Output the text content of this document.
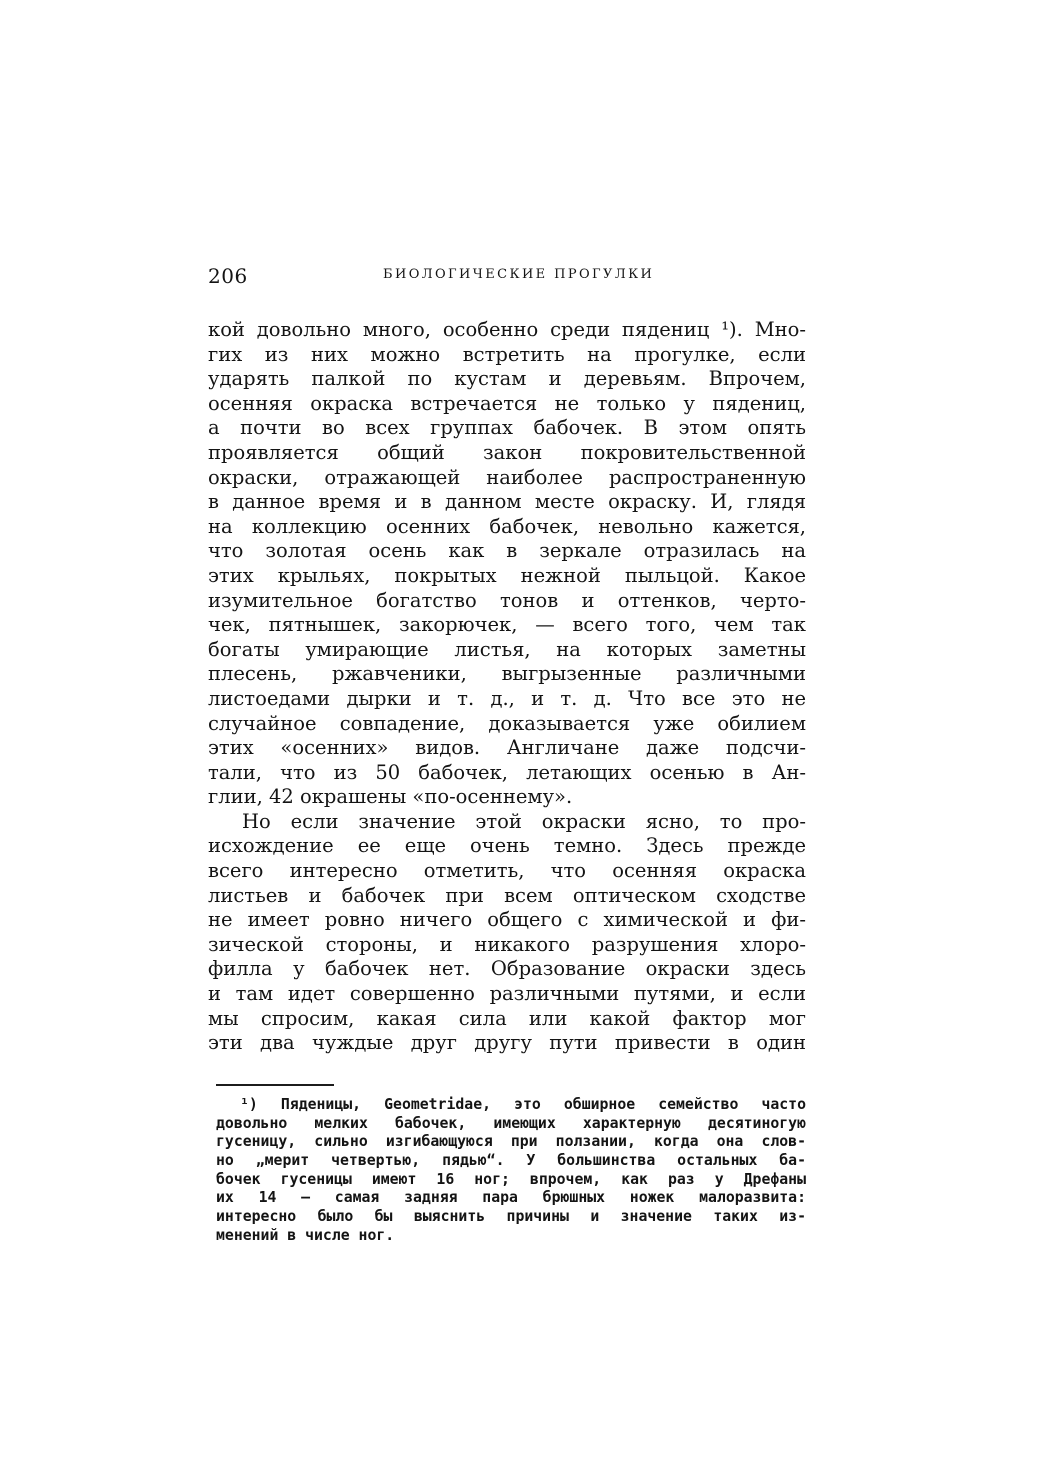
206	БИОЛОГИЧЕСКИЕ ПРОГУЛКИ
кой довольно много, особенно среди пядениц ¹). Мно-
гих из них можно встретить на прогулке, если
ударять палкой по кустам и деревьям. Впрочем,
осенняя окраска встречается не только у пядениц,
а почти во всех группах бабочек. В этом опять
проявляется общий закон покровительственной
окраски, отражающей наиболее распространенную
в данное время и в данном месте окраску. И, глядя
на коллекцию осенних бабочек, невольно кажется,
что золотая осень как в зеркале отразилась на
этих крыльях, покрытых нежной пыльцой. Какое
изумительное богатство тонов и оттенков, черто-
чек, пятнышек, закорючек, — всего того, чем так
богаты умирающие листья, на которых заметны
плесень, ржавченики, выгрызенные различными
листоедами дырки и т. д., и т. д. Что все это не
случайное совпадение, доказывается уже обилием
этих «осенних» видов. Англичане даже подсчи-
тали, что из 50 бабочек, летающих осенью в Ан-
глии, 42 окрашены «по-осеннему».
Но если значение этой окраски ясно, то про-
исхождение ее еще очень темно. Здесь прежде
всего интересно отметить, что осенняя окраска
листьев и бабочек при всем оптическом сходстве
не имеет ровно ничего общего с химической и фи-
зической стороны, и никакого разрушения хлоро-
филла у бабочек нет. Образование окраски здесь
и там идет совершенно различными путями, и если
мы спросим, какая сила или какой фактор мог
эти два чуждые друг другу пути привести в один
¹) Пяденицы, Geometridae, это обширное семейство часто
довольно мелких бабочек, имеющих характерную десятиногую
гусеницу, сильно изгибающуюся при ползании, когда она слов-
но „мерит четвертью, пядью“. У большинства остальных ба-
бочек гусеницы имеют 16 ног; впрочем, как раз у Дрефаны
их 14 — самая задняя пара брюшных ножек малоразвита:
интересно было бы выяснить причины и значение таких из-
менений в числе ног.
